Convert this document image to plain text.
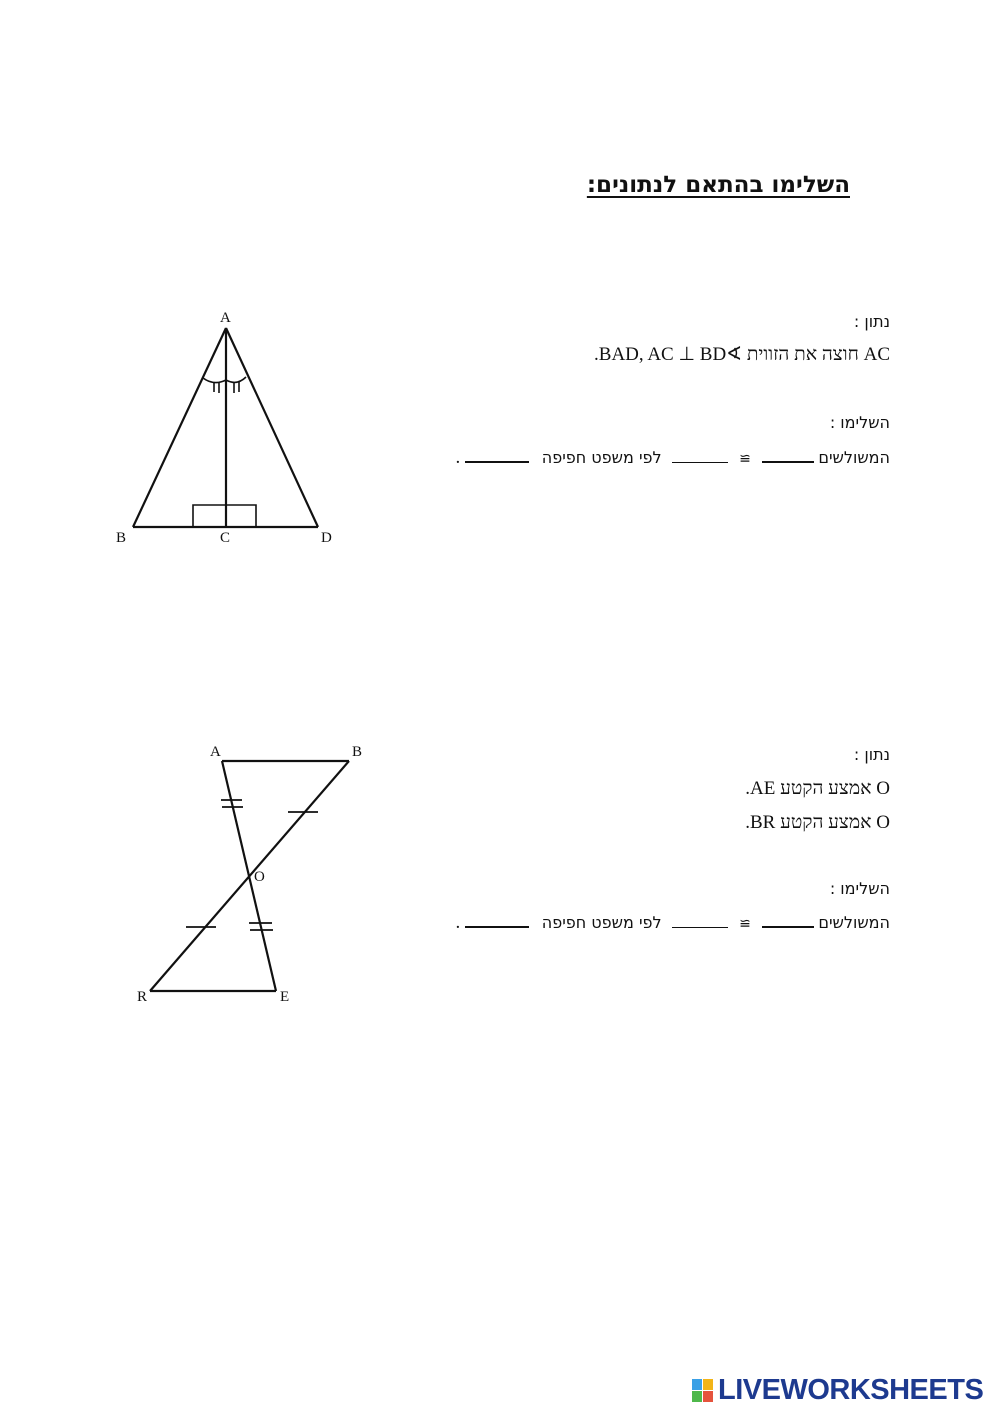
השלימו בהתאם לנתונים:
נתון :
AC חוצה את הזווית ∢BAD, AC ⊥ BD.
השלימו :
המשולשים  ≅  לפי משפט חפיפה  .
נתון :
O אמצע הקטע AE.
O אמצע הקטע BR.
השלימו :
המשולשים  ≅  לפי משפט חפיפה  .
A
B	C	D
A	B
O
R	E
LIVEWORKSHEETS
